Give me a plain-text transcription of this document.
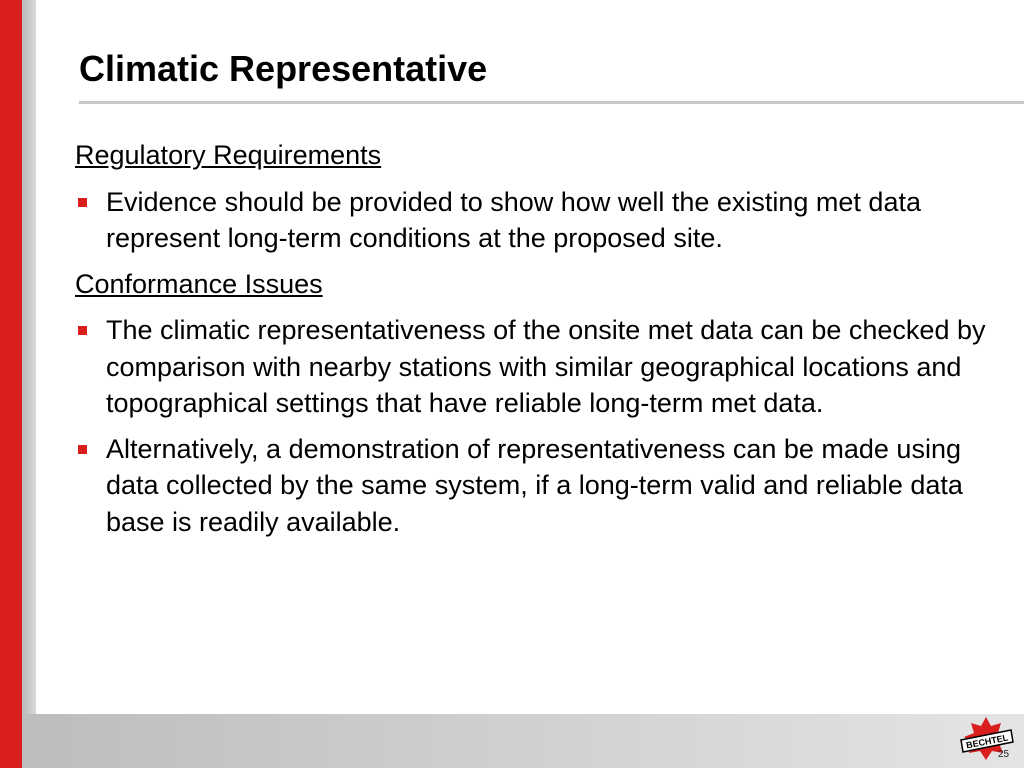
Climatic Representative
Regulatory Requirements
Evidence should be provided to show how well the existing met data represent long-term conditions at the proposed site.
Conformance Issues
The climatic representativeness of the onsite met data can be checked by comparison with nearby stations with similar geographical locations and topographical settings that have reliable long-term met data.
Alternatively, a demonstration of representativeness can be made using data collected by the same system, if a long-term valid and reliable data base is readily available.
BECHTEL
25
